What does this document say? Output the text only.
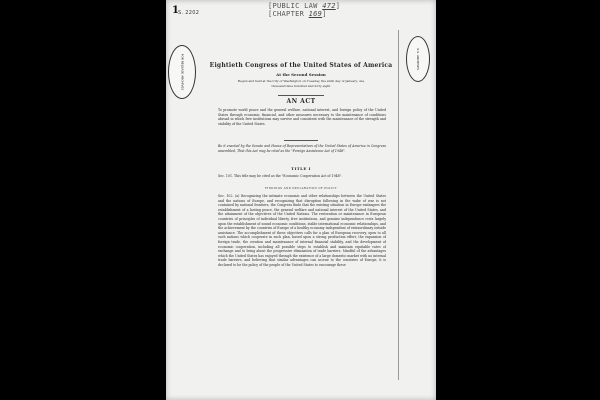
1 S. 2202
[PUBLIC LAW 472]
[CHAPTER 169]
FOR RELEASE ARCHIVES	U.S. ARCHIVES
Eightieth Congress of the United States of America
At the Second Session
Begun and held at the City of Washington on Tuesday, the sixth day of January, one thousand nine hundred and forty-eight
AN ACT
To promote world peace and the general welfare, national interest, and foreign policy of the United States through economic, financial, and other measures necessary to the maintenance of conditions abroad in which free institutions may survive and consistent with the maintenance of the strength and stability of the United States.
Be it enacted by the Senate and House of Representatives of the United States of America in Congress assembled, That this Act may be cited as the "Foreign Assistance Act of 1948".
TITLE I
Sec. 101. This title may be cited as the "Economic Cooperation Act of 1948".
FINDINGS AND DECLARATION OF POLICY
Sec. 102. (a) Recognizing the intimate economic and other relationships between the United States and the nations of Europe, and recognizing that disruption following in the wake of war is not contained by national frontiers, the Congress finds that the existing situation in Europe endangers the establishment of a lasting peace, the general welfare and national interest of the United States, and the attainment of the objectives of the United Nations. The restoration or maintenance in European countries of principles of individual liberty, free institutions, and genuine independence rests largely upon the establishment of sound economic conditions, stable international economic relationships, and the achievement by the countries of Europe of a healthy economy independent of extraordinary outside assistance. The accomplishment of these objectives calls for a plan of European recovery, open to all such nations which cooperate in such plan, based upon a strong production effort, the expansion of foreign trade, the creation and maintenance of internal financial stability, and the development of economic cooperation, including all possible steps to establish and maintain equitable rates of exchange and to bring about the progressive elimination of trade barriers. Mindful of the advantages which the United States has enjoyed through the existence of a large domestic market with no internal trade barriers, and believing that similar advantages can accrue to the countries of Europe, it is declared to be the policy of the people of the United States to encourage these
